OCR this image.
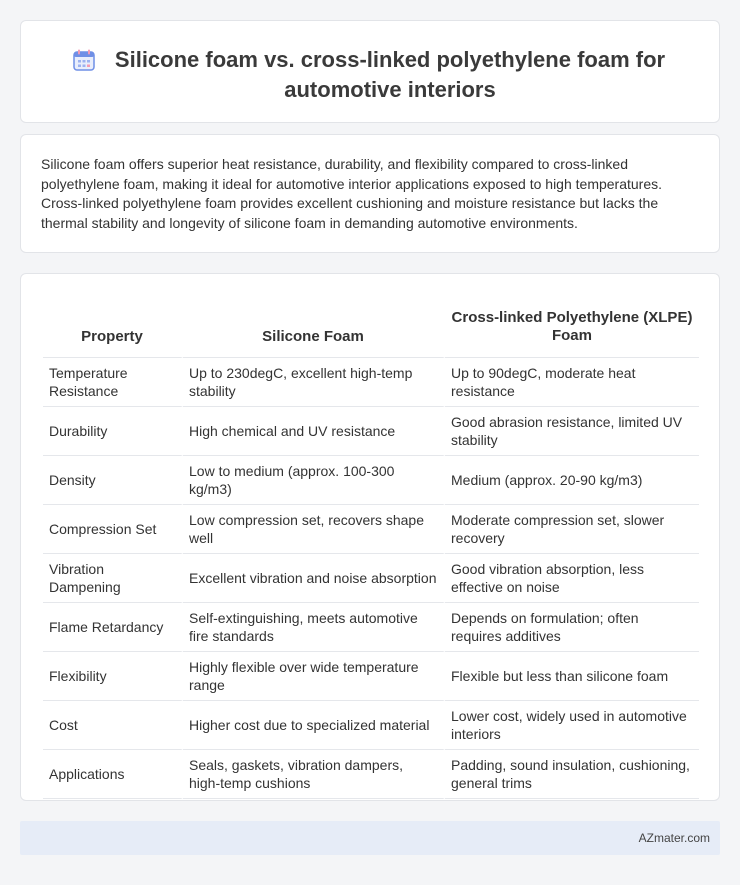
Silicone foam vs. cross-linked polyethylene foam for automotive interiors

Silicone foam offers superior heat resistance, durability, and flexibility compared to cross-linked polyethylene foam, making it ideal for automotive interior applications exposed to high temperatures. Cross-linked polyethylene foam provides excellent cushioning and moisture resistance but lacks the thermal stability and longevity of silicone foam in demanding automotive environments.

Property	Silicone Foam	Cross-linked Polyethylene (XLPE) Foam
Temperature Resistance	Up to 230degC, excellent high-temp stability	Up to 90degC, moderate heat resistance
Durability	High chemical and UV resistance	Good abrasion resistance, limited UV stability
Density	Low to medium (approx. 100-300 kg/m3)	Medium (approx. 20-90 kg/m3)
Compression Set	Low compression set, recovers shape well	Moderate compression set, slower recovery
Vibration Dampening	Excellent vibration and noise absorption	Good vibration absorption, less effective on noise
Flame Retardancy	Self-extinguishing, meets automotive fire standards	Depends on formulation; often requires additives
Flexibility	Highly flexible over wide temperature range	Flexible but less than silicone foam
Cost	Higher cost due to specialized material	Lower cost, widely used in automotive interiors
Applications	Seals, gaskets, vibration dampers, high-temp cushions	Padding, sound insulation, cushioning, general trims
AZmater.com
